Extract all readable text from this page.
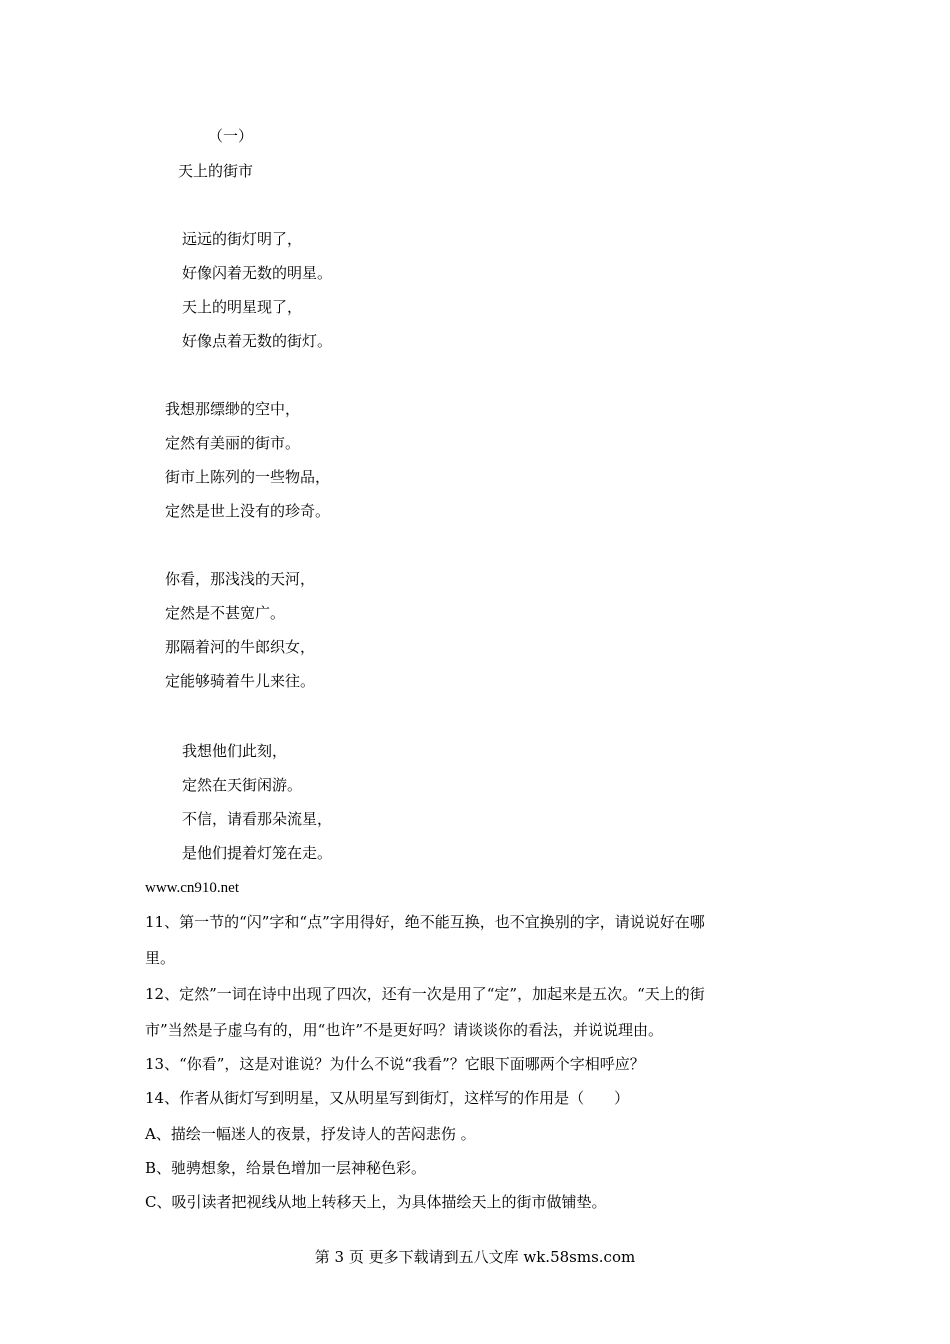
（一）
天上的街市
远远的街灯明了，
好像闪着无数的明星。
天上的明星现了，
好像点着无数的街灯。
我想那缥缈的空中，
定然有美丽的街市。
街市上陈列的一些物品，
定然是世上没有的珍奇。
你看，那浅浅的天河，
定然是不甚宽广。
那隔着河的牛郎织女，
定能够骑着牛儿来往。
我想他们此刻，
定然在天街闲游。
不信，请看那朵流星，
是他们提着灯笼在走。
www.cn910.net
11、第一节的“闪”字和“点”字用得好，绝不能互换，也不宜换别的字，请说说好在哪
里。
12、定然”一词在诗中出现了四次，还有一次是用了“定”，加起来是五次。“天上的街
市”当然是子虚乌有的，用“也许”不是更好吗？请谈谈你的看法，并说说理由。
13、“你看”，这是对谁说？为什么不说“我看”？它眼下面哪两个字相呼应？
14、作者从街灯写到明星，又从明星写到街灯，这样写的作用是（　　）
A、描绘一幅迷人的夜景，抒发诗人的苦闷悲伤 。
B、驰骋想象，给景色增加一层神秘色彩。
C、吸引读者把视线从地上转移天上，为具体描绘天上的街市做铺垫。
第 3 页 更多下载请到五八文库 wk.58sms.com
